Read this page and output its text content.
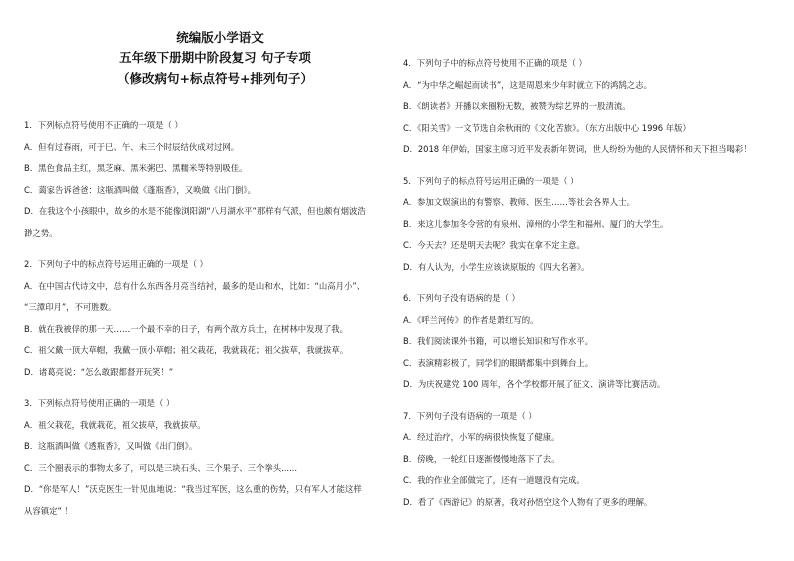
统编版小学语文
五年级下册期中阶段复习 句子专项
（修改病句+标点符号+排列句子）
1．下列标点符号使用不正确的一项是（ ）
A．但有过春雨，可于巳、午、未三个时辰结伙成对过网。
B．黑色食品主红，黑芝麻、黑米粥巴、黑糯米等特别吸佳。
C．蔼家告诉爸爸：这瓶酒叫做《蓬瓶香》，又唤做《出门倒》。
D．在我这个小孩眼中，故乡的水是不能像浏阳湖“八月湖水平”那样有气派，但也颇有烟波浩
渺之势。
2．下列句子中的标点符号运用正确的一项是（ ）
A．在中国古代诗文中，总有什么东西各月亮当结衬，最多的是山和水，比如：“山高月小”、
“三潭印月”，不可胜数。
B．就在我被俘的那一天……一个最不幸的日子，有两个敌方兵士，在树林中发现了我。
C．祖父戴一顶大草帽，我戴一顶小草帽；祖父栽花，我就栽花；祖父拔草，我就拔草。
D．诸葛亮说：“怎么敢跟都督开玩笑！”
3．下列标点符号使用正确的一项是（ ）
A．祖父栽花，我就栽花，祖父拔草，我就拔草。
B．这瓶酒叫做《透瓶香》，又叫做《出门倒》。
C．三个圈表示的事物太多了，可以是三块石头、三个果子、三个拳头......
D．“你是军人！”沃克医生一针见血地说：“我当过军医，这么重的伤势，只有军人才能这样
从容镇定” ！
4．下列句子中的标点符号使用不正确的项是（ ）
A．“为中华之崛起而读书”，这是周恩来少年时就立下的鸿鹄之志。
B．《朗读者》开播以来圈粉无数，被赞为综艺界的一股清流。
C．《阳关雪》一文节选自余秋雨的《文化苦旅》。（东方出版中心 1996 年版）
D．2018 年伊始，国家主席习近平发表新年贺词，世人纷纷为他的人民情怀和天下担当喝彩！
5．下列句子的标点符号运用正确的一项是（ ）
A．参加文娱演出的有警察、教师、医生……等社会各界人士。
B．来这儿参加冬令营的有泉州、漳州的小学生和福州、厦门的大学生。
C．今天去？还是明天去呢？我实在拿不定主意。
D．有人认为，小学生应该读原版的《四大名著》。
6．下列句子没有语病的是（ ）
A．《呼兰河传》的作者是萧红写的。
B．我们阅读课外书籍，可以增长知识和写作水平。
C．表演精彩极了，同学们的眼睛都集中到舞台上。
D．为庆祝建党 100 周年，各个学校都开展了征文、演讲等比赛活动。
7．下列句子没有语病的一项是（ ）
A．经过治疗，小军的病很快恢复了健康。
B．傍晚，一轮红日逐渐慢慢地落下了去。
C．我的作业全部做完了，还有一道题没有完成。
D．看了《西游记》的原著，我对孙悟空这个人物有了更多的理解。
